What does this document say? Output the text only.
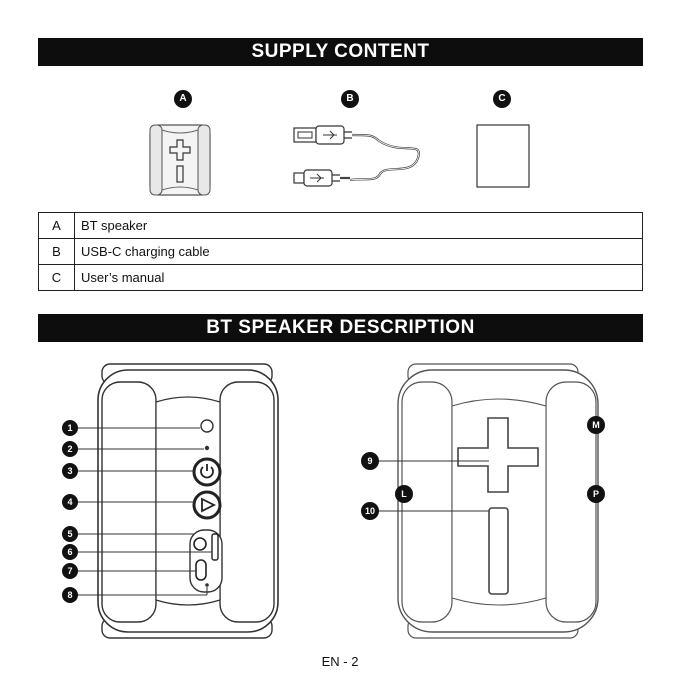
SUPPLY CONTENT
A	B	C
A	BT speaker
B	USB-C charging cable
C	User’s manual
BT SPEAKER DESCRIPTION
1
2
3
4
5
6
7
8
9
10
M
L	P
EN - 2
